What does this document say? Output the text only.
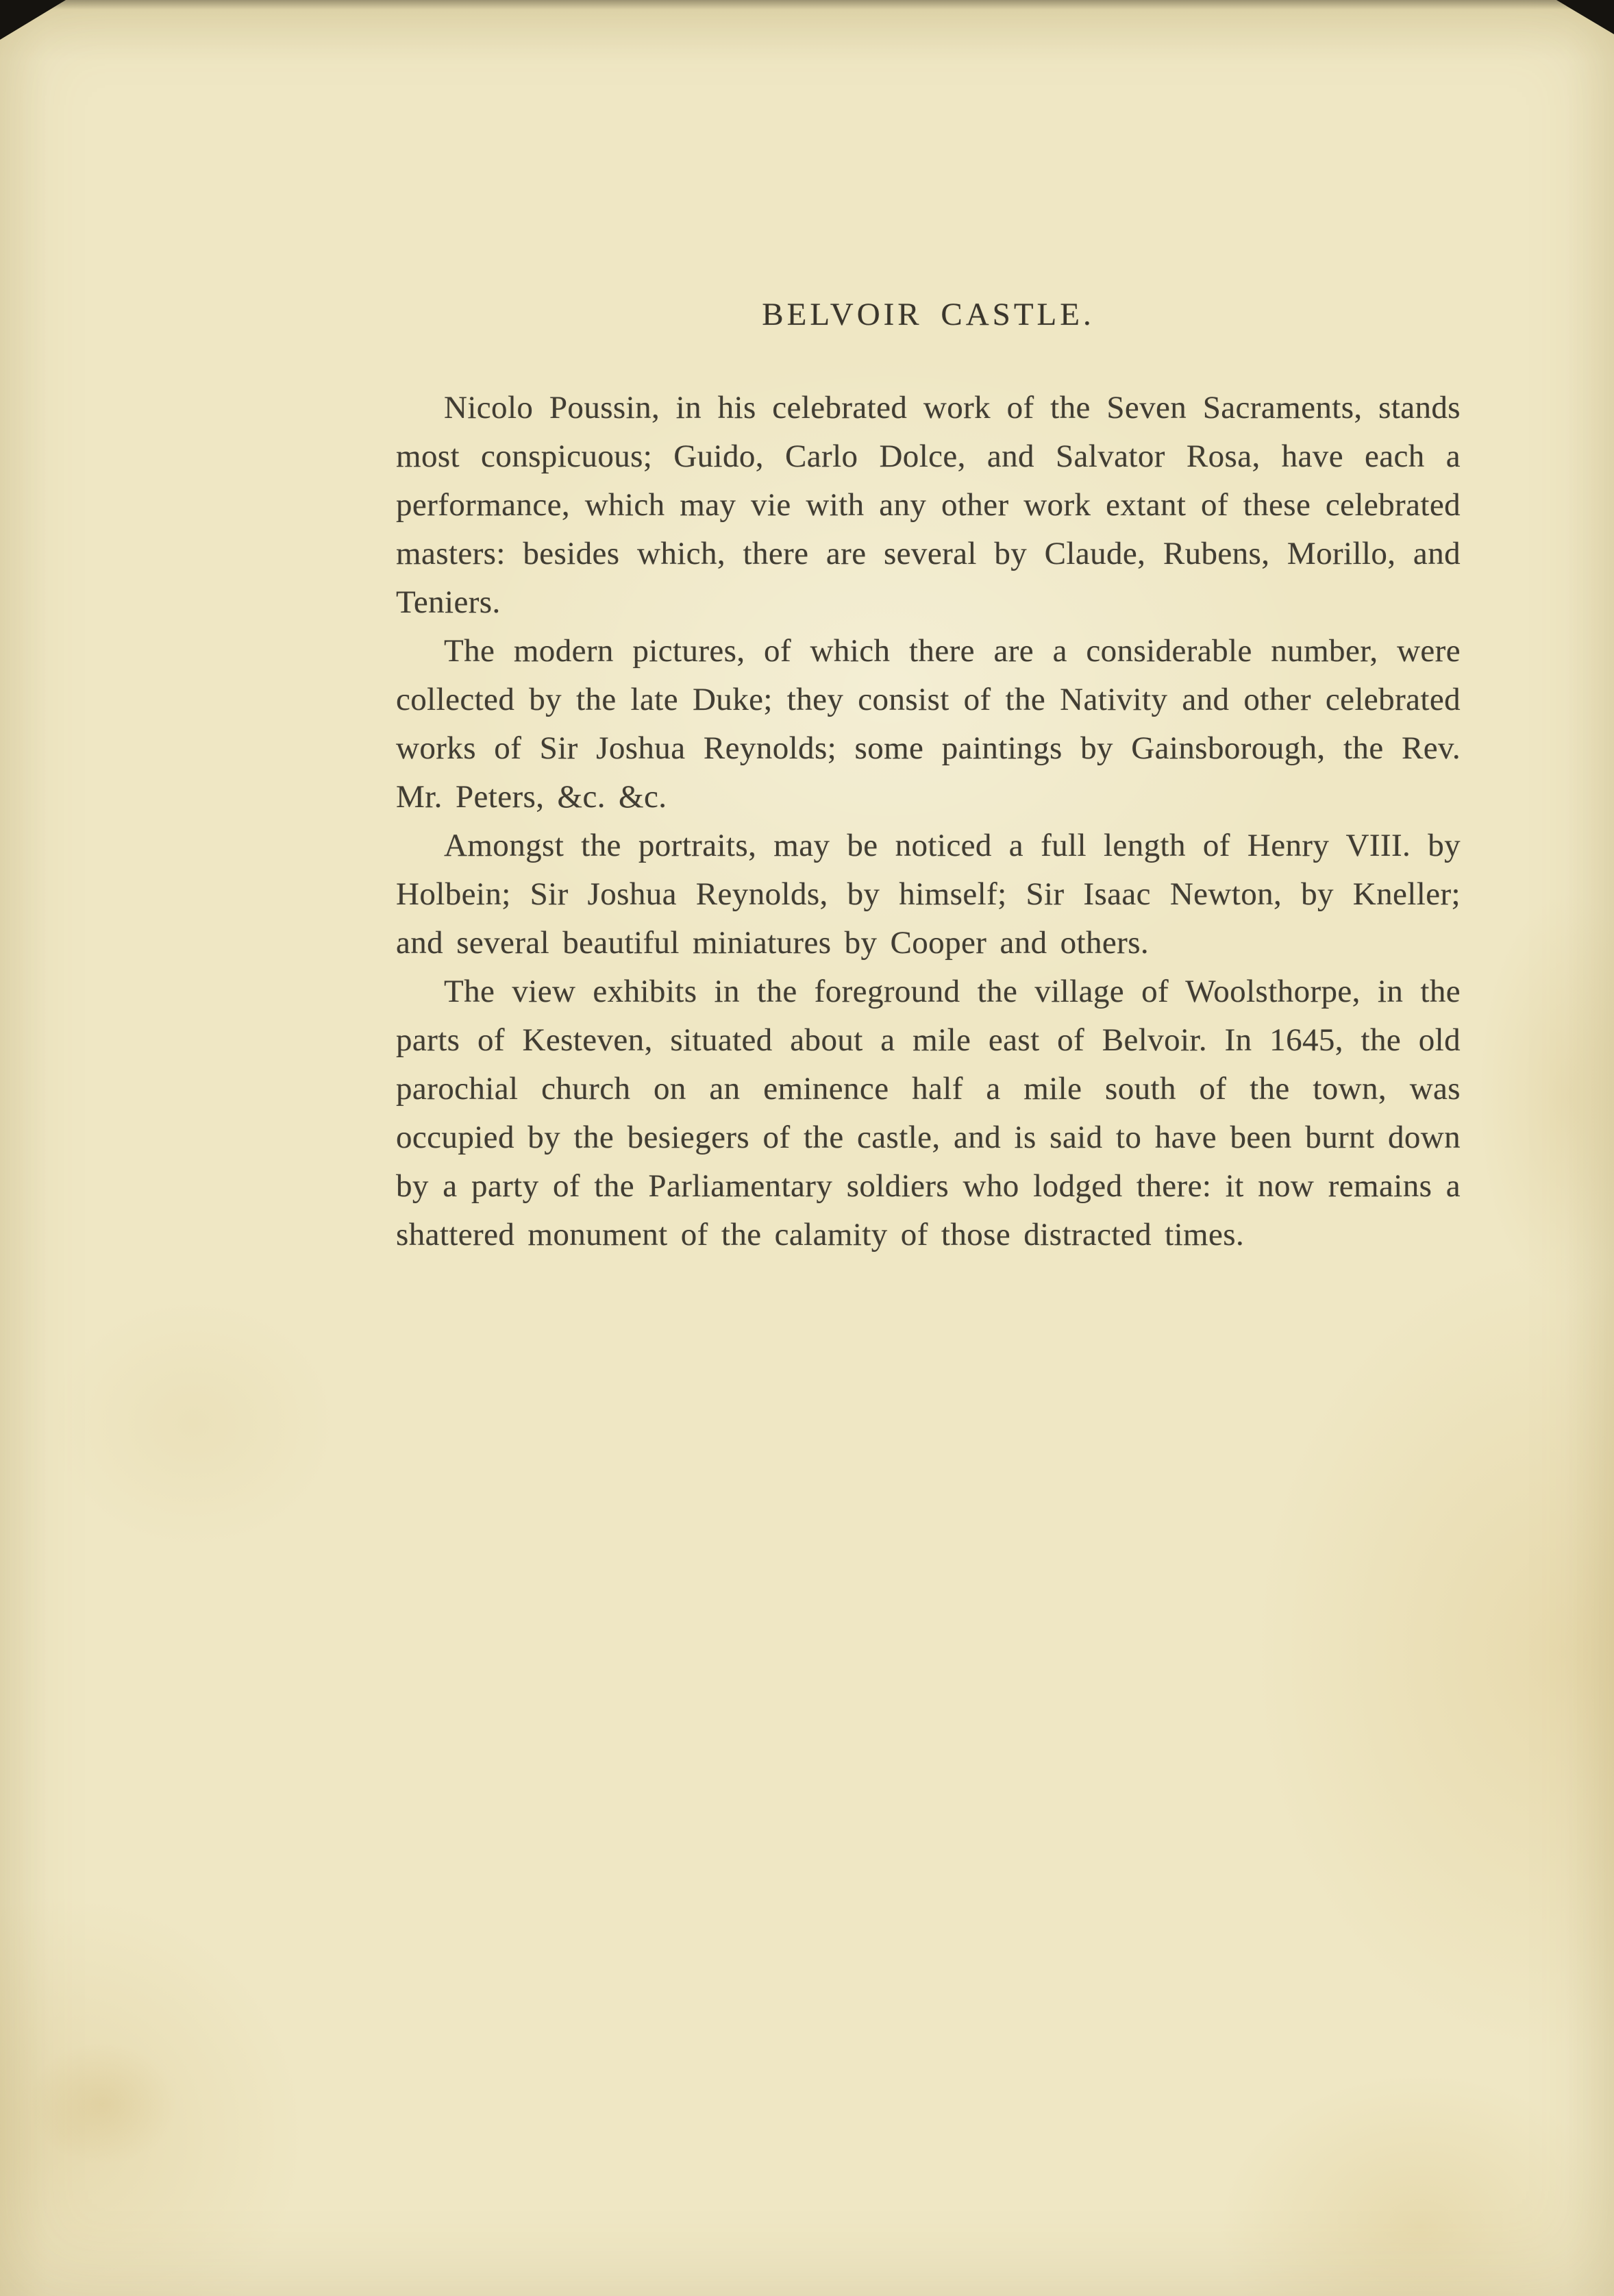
BELVOIR CASTLE.

Nicolo Poussin, in his celebrated work of the Seven Sacraments, stands most conspicuous; Guido, Carlo Dolce, and Salvator Rosa, have each a performance, which may vie with any other work extant of these celebrated masters: besides which, there are several by Claude, Rubens, Morillo, and Teniers.

The modern pictures, of which there are a considerable number, were collected by the late Duke; they consist of the Nativity and other celebrated works of Sir Joshua Reynolds; some paintings by Gainsborough, the Rev. Mr. Peters, &c. &c.

Amongst the portraits, may be noticed a full length of Henry VIII. by Holbein; Sir Joshua Reynolds, by himself; Sir Isaac Newton, by Kneller; and several beautiful miniatures by Cooper and others.

The view exhibits in the foreground the village of Woolsthorpe, in the parts of Kesteven, situated about a mile east of Belvoir. In 1645, the old parochial church on an eminence half a mile south of the town, was occupied by the besiegers of the castle, and is said to have been burnt down by a party of the Parliamentary soldiers who lodged there: it now remains a shattered monument of the calamity of those distracted times.
